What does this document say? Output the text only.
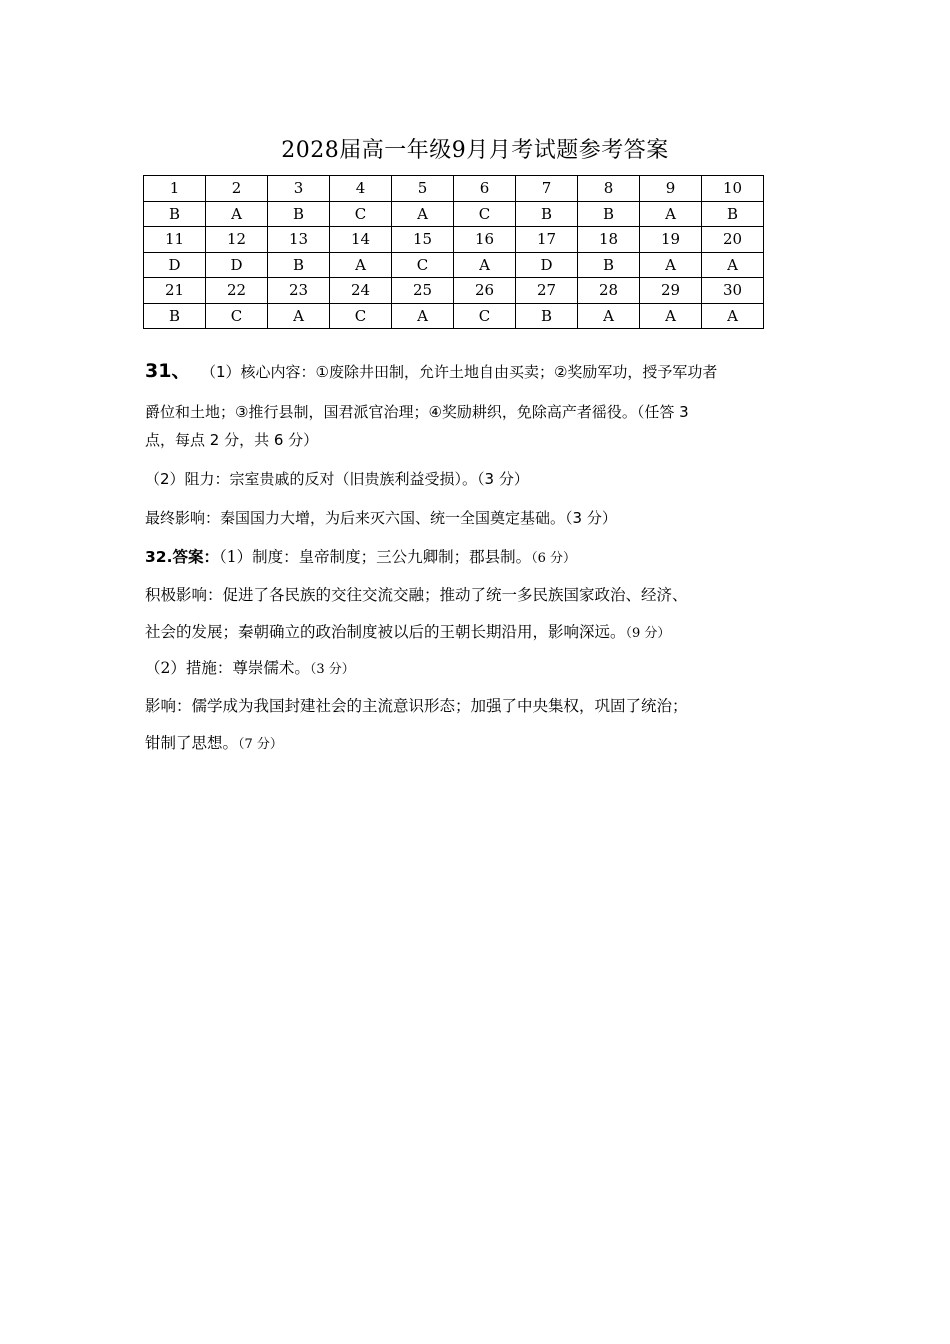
2028届高一年级9月月考试题参考答案
1	2	3	4	5	6	7	8	9	10
B	A	B	C	A	C	B	B	A	B
11	12	13	14	15	16	17	18	19	20
D	D	B	A	C	A	D	B	A	A
21	22	23	24	25	26	27	28	29	30
B	C	A	C	A	C	B	A	A	A
31、 （1）核心内容：①废除井田制，允许土地自由买卖；②奖励军功，授予军功者
爵位和土地；③推行县制，国君派官治理；④奖励耕织，免除高产者徭役。（任答 3
点，每点 2 分，共 6 分）
（2）阻力：宗室贵戚的反对（旧贵族利益受损）。（3 分）
最终影响：秦国国力大增，为后来灭六国、统一全国奠定基础。（3 分）
32.答案：（1）制度：皇帝制度；三公九卿制；郡县制。（6 分）
积极影响：促进了各民族的交往交流交融；推动了统一多民族国家政治、经济、
社会的发展；秦朝确立的政治制度被以后的王朝长期沿用，影响深远。（9 分）
（2）措施：尊崇儒术。（3 分）
影响：儒学成为我国封建社会的主流意识形态；加强了中央集权，巩固了统治；
钳制了思想。（7 分）
